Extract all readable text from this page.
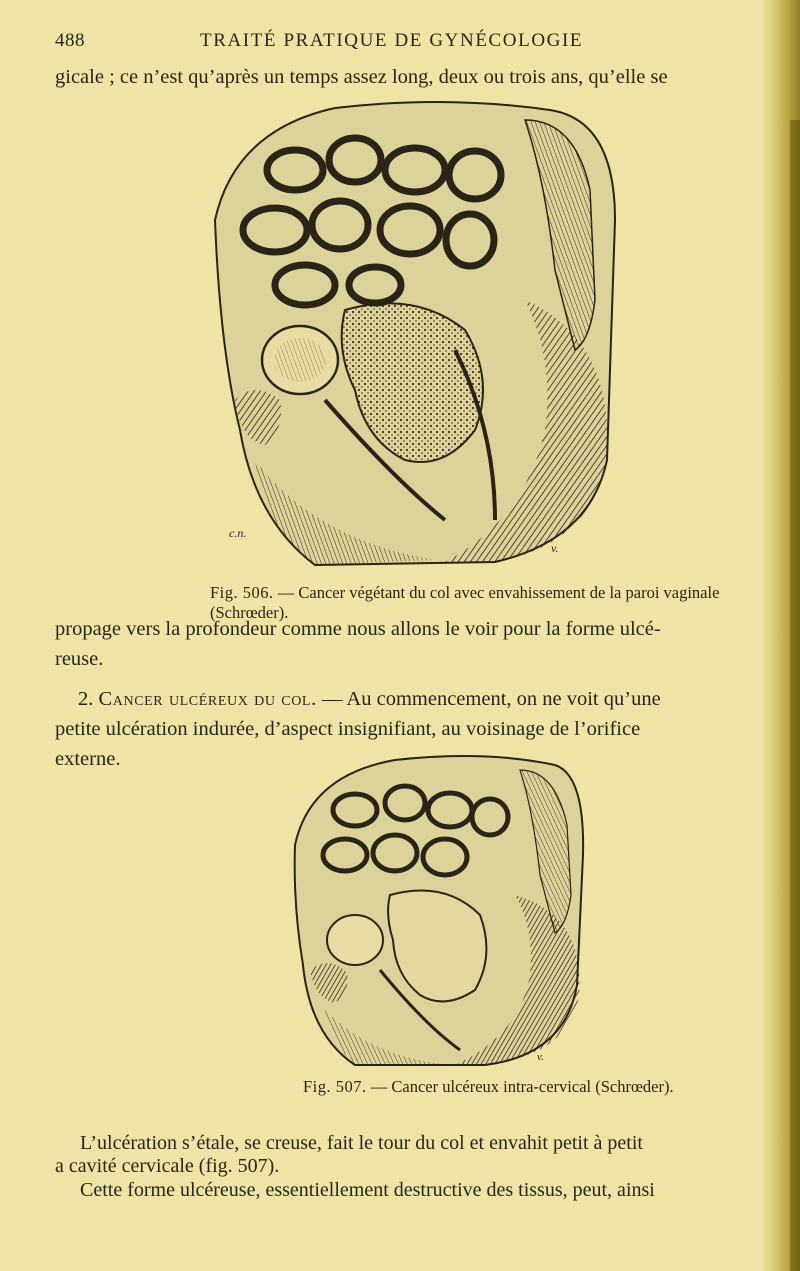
488	TRAITÉ PRATIQUE DE GYNÉCOLOGIE

gicale ; ce n’est qu’après un temps assez long, deux ou trois ans, qu’elle se

c.n.
v.
Fig. 506. — Cancer végétant du col avec envahissement de la paroi vaginale (Schrœder).

propage vers la profondeur comme nous allons le voir pour la forme ulcé-

reuse.

2. Cancer ulcéreux du col. — Au commencement, on ne voit qu’une

petite ulcération indurée, d’aspect insignifiant, au voisinage de l’orifice

externe.

v.
Fig. 507. — Cancer ulcéreux intra-cervical (Schrœder).

L’ulcération s’étale, se creuse, fait le tour du col et envahit petit à petit

a cavité cervicale (fig. 507).

Cette forme ulcéreuse, essentiellement destructive des tissus, peut, ainsi
